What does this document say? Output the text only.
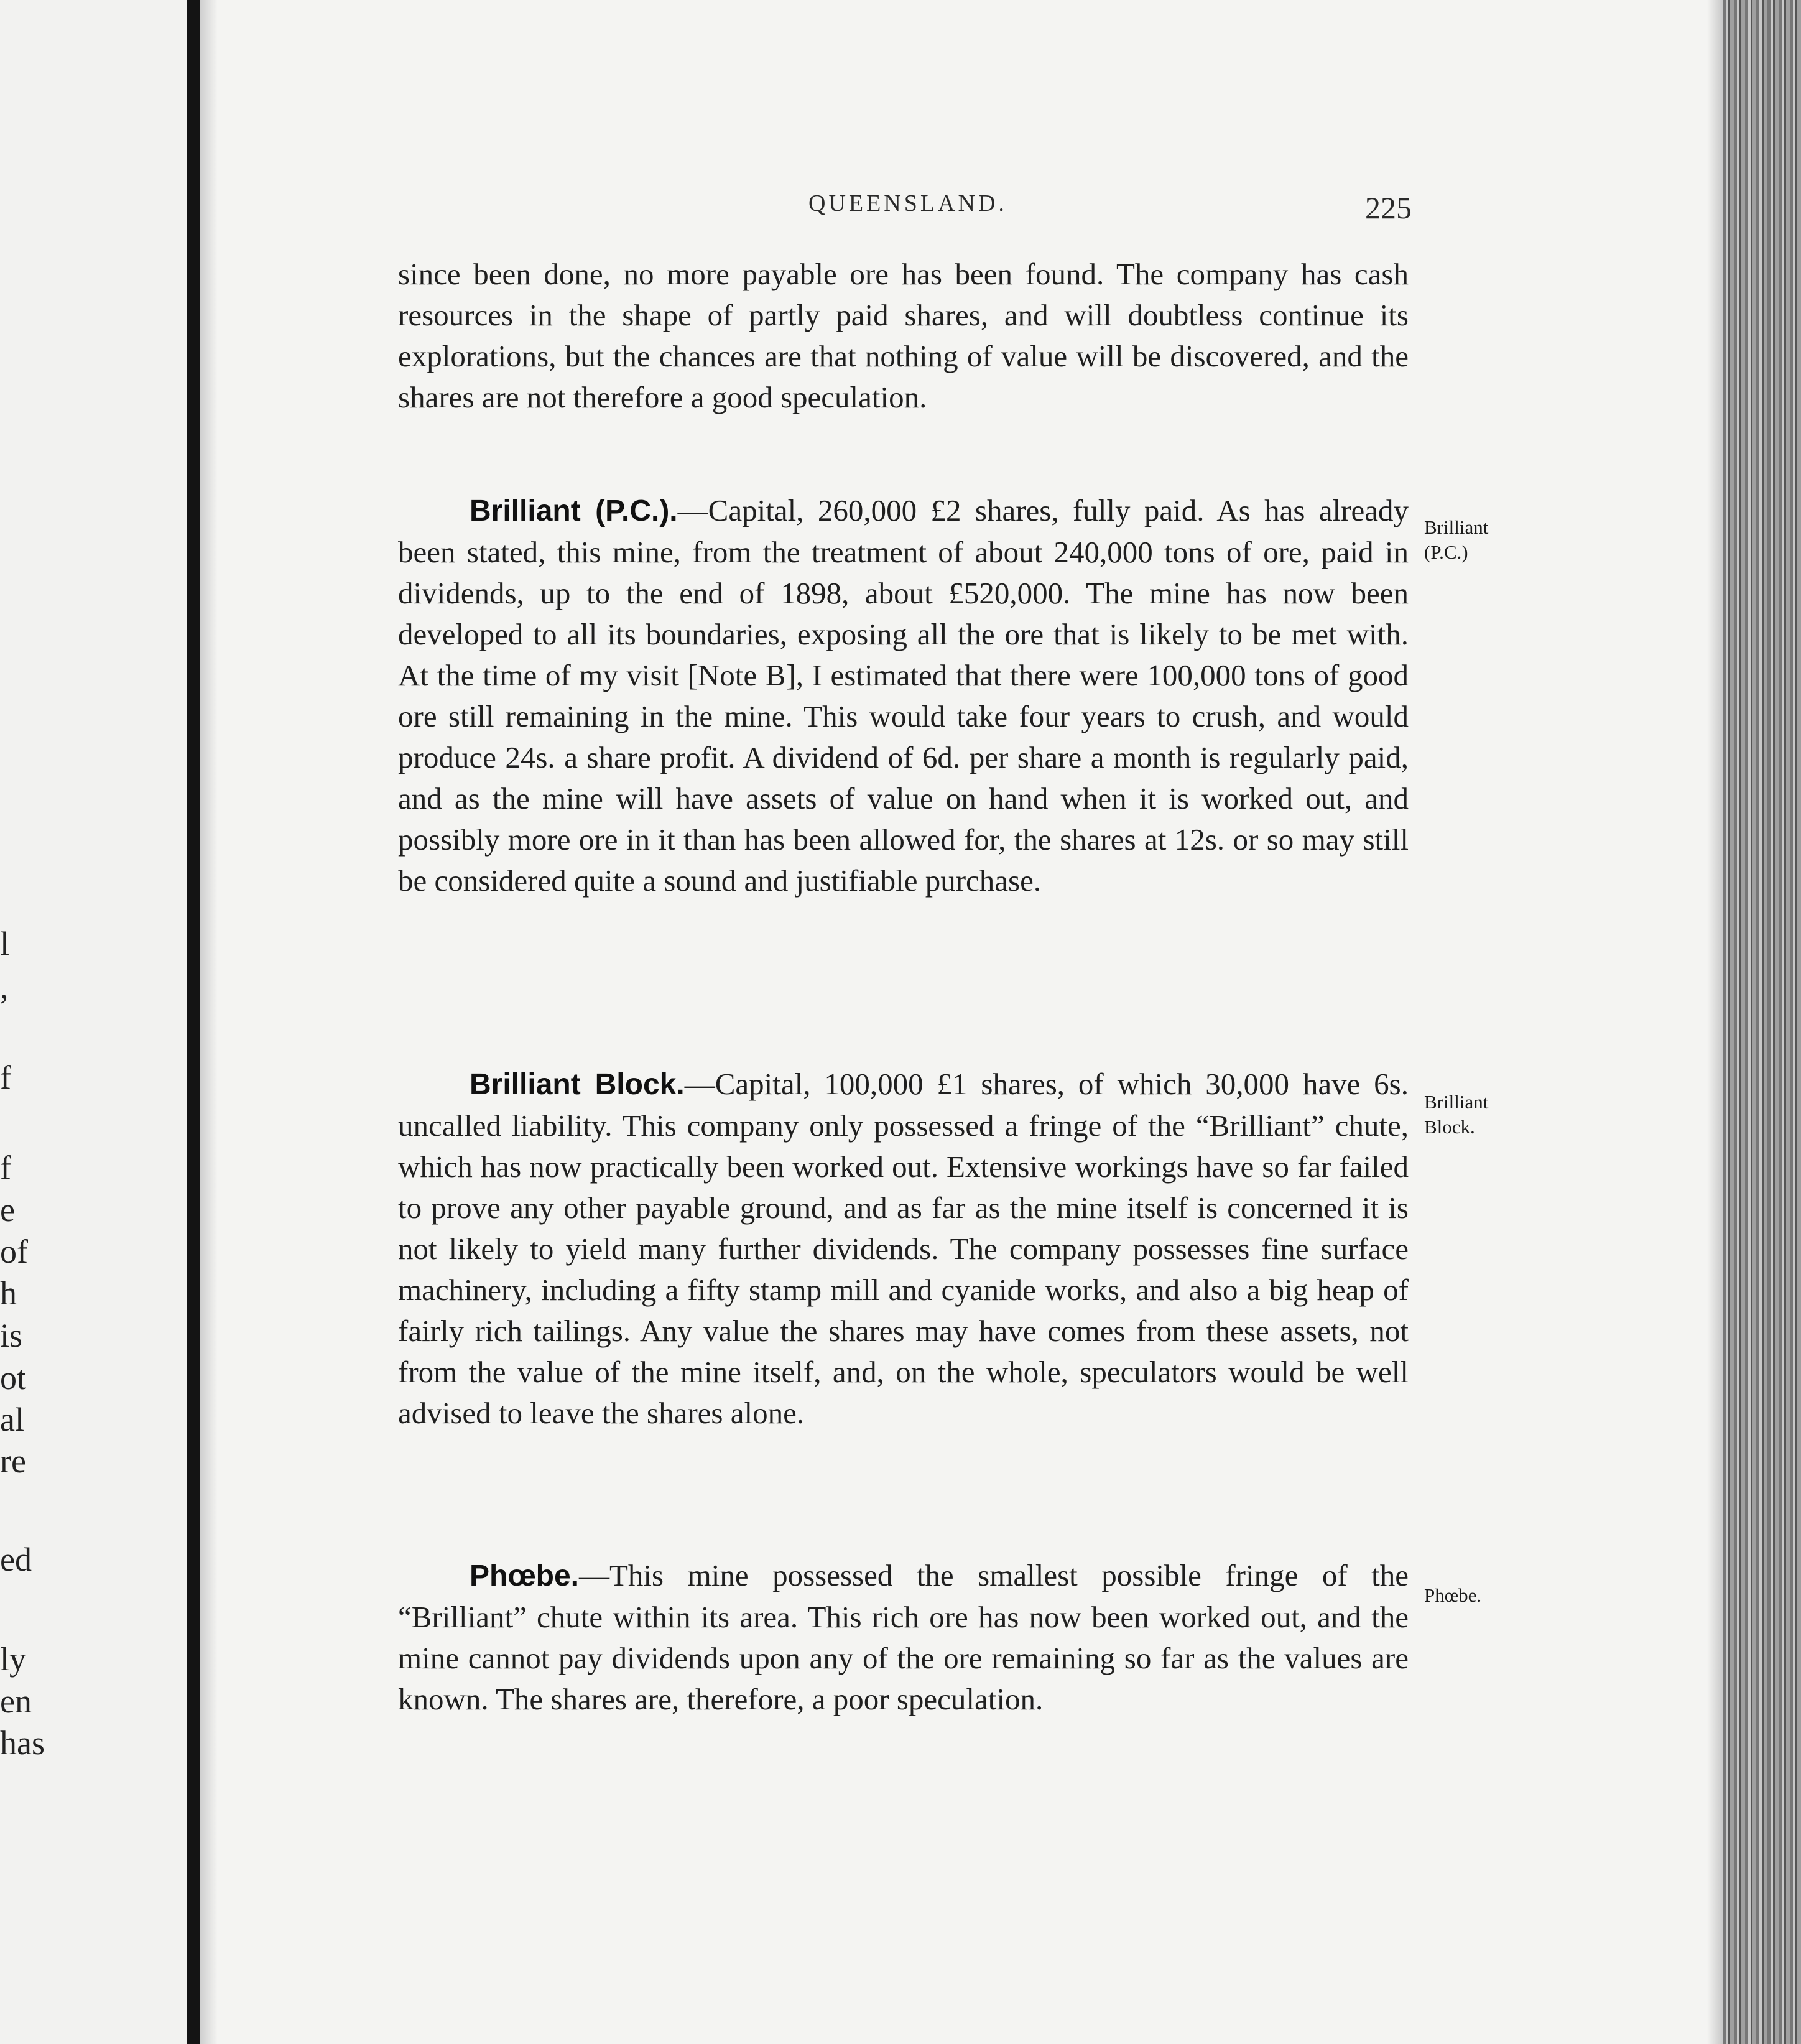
l
,
f
f
e
of
h
is
ot
al
re
ed
ly
en
has
QUEENSLAND.	225

since been done, no more payable ore has been found. The company has cash resources in the shape of partly paid shares, and will doubtless continue its explorations, but the chances are that nothing of value will be discovered, and the shares are not therefore a good speculation.

Brilliant (P.C.).—Capital, 260,000 £2 shares, fully paid. As has already been stated, this mine, from the treatment of about 240,000 tons of ore, paid in dividends, up to the end of 1898, about £520,000. The mine has now been developed to all its boundaries, exposing all the ore that is likely to be met with. At the time of my visit [Note B], I estimated that there were 100,000 tons of good ore still remaining in the mine. This would take four years to crush, and would produce 24s. a share profit. A dividend of 6d. per share a month is regularly paid, and as the mine will have assets of value on hand when it is worked out, and possibly more ore in it than has been allowed for, the shares at 12s. or so may still be considered quite a sound and justifiable purchase.

Brilliant
(P.C.)

Brilliant Block.—Capital, 100,000 £1 shares, of which 30,000 have 6s. uncalled liability. This company only possessed a fringe of the “Brilliant” chute, which has now practically been worked out. Extensive workings have so far failed to prove any other payable ground, and as far as the mine itself is concerned it is not likely to yield many further dividends. The company possesses fine surface machinery, including a fifty stamp mill and cyanide works, and also a big heap of fairly rich tailings. Any value the shares may have comes from these assets, not from the value of the mine itself, and, on the whole, speculators would be well advised to leave the shares alone.

Brilliant
Block.

Phœbe.—This mine possessed the smallest possible fringe of the “Brilliant” chute within its area. This rich ore has now been worked out, and the mine cannot pay dividends upon any of the ore remaining so far as the values are known. The shares are, therefore, a poor speculation.

Phœbe.
